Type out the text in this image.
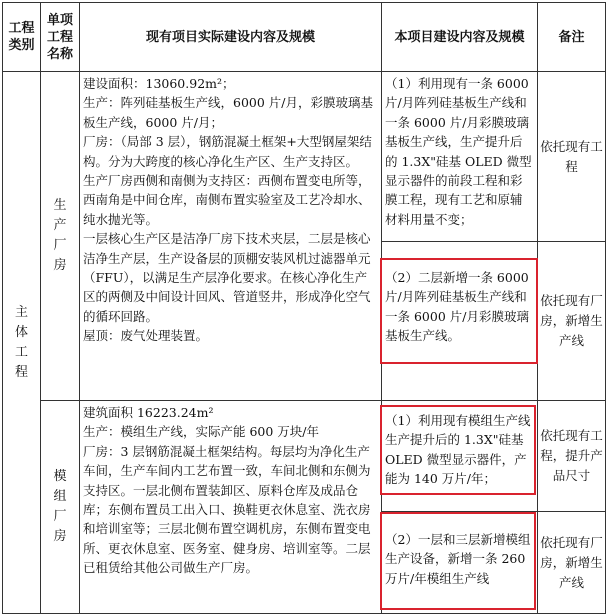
工程类别
单项工程名称
现有项目实际建设内容及规模	本项目建设内容及规模	备注
主体工程
生产厂房
建设面积：13060.92m²；
生产：阵列硅基板生产线，6000 片/月，彩膜玻璃基板生产线，6000 片/月；
厂房：（局部 3 层），钢筋混凝土框架+大型钢屋架结构。分为大跨度的核心净化生产区、生产支持区。
生产厂房西侧和南侧为支持区：西侧布置变电所等，西南角是中间仓库，南侧布置实验室及工艺冷却水、纯水抛光等。
一层核心生产区是洁净厂房下技术夹层，二层是核心洁净生产层，生产设备层的顶棚安装风机过滤器单元（FFU），以满足生产层净化要求。在核心净化生产区的两侧及中间设计回风、管道竖井，形成净化空气的循环回路。
屋顶：废气处理装置。
（1）利用现有一条 6000 片/月阵列硅基板生产线和一条 6000 片/月彩膜玻璃基板生产线，生产提升后的 1.3X"硅基 OLED 微型显示器件的前段工程和彩膜工程，现有工艺和原辅材料用量不变；
依托现有工程
（2）二层新增一条 6000 片/月阵列硅基板生产线和一条 6000 片/月彩膜玻璃基板生产线。
依托现有厂房，新增生产线
模组厂房
建筑面积 16223.24m²
生产：模组生产线，实际产能 600 万块/年
厂房：3 层钢筋混凝土框架结构。每层均为净化生产车间，生产车间内工艺布置一致，车间北侧和东侧为支持区。一层北侧布置装卸区、原料仓库及成品仓库；东侧布置员工出入口、换鞋更衣休息室、洗衣房和培训室等；三层北侧布置空调机房，东侧布置变电所、更衣休息室、医务室、健身房、培训室等。二层已租赁给其他公司做生产厂房。
（1）利用现有模组生产线生产提升后的 1.3X"硅基 OLED 微型显示器件，产能为 140 万片/年；
依托现有工程，提升产品尺寸
（2）一层和三层新增模组生产设备，新增一条 260 万片/年模组生产线
依托现有厂房，新增生产线
